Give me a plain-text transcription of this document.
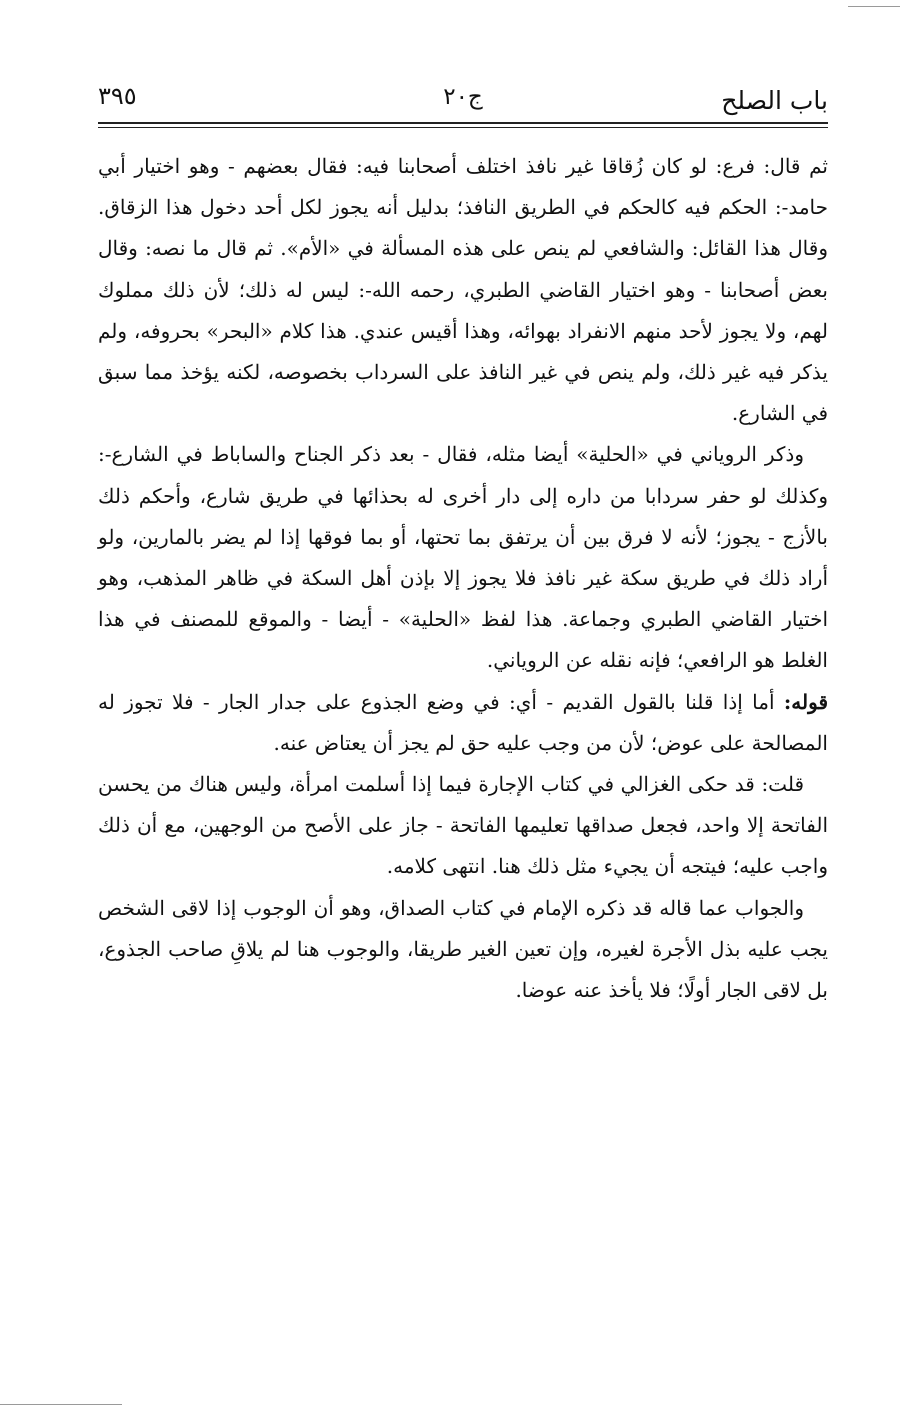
باب الصلح
ج٢٠
٣٩٥

ثم قال: فرع: لو كان زُقاقا غير نافذ اختلف أصحابنا فيه: فقال بعضهم - وهو اختيار أبي حامد-: الحكم فيه كالحكم في الطريق النافذ؛ بدليل أنه يجوز لكل أحد دخول هذا الزقاق. وقال هذا القائل: والشافعي لم ينص على هذه المسألة في «الأم». ثم قال ما نصه: وقال بعض أصحابنا - وهو اختيار القاضي الطبري، رحمه الله-: ليس له ذلك؛ لأن ذلك مملوك لهم، ولا يجوز لأحد منهم الانفراد بهوائه، وهذا أقيس عندي. هذا كلام «البحر» بحروفه، ولم يذكر فيه غير ذلك، ولم ينص في غير النافذ على السرداب بخصوصه، لكنه يؤخذ مما سبق في الشارع.

وذكر الروياني في «الحلية» أيضا مثله، فقال - بعد ذكر الجناح والساباط في الشارع-: وكذلك لو حفر سردابا من داره إلى دار أخرى له بحذائها في طريق شارع، وأحكم ذلك بالأزج - يجوز؛ لأنه لا فرق بين أن يرتفق بما تحتها، أو بما فوقها إذا لم يضر بالمارين، ولو أراد ذلك في طريق سكة غير نافذ فلا يجوز إلا بإذن أهل السكة في ظاهر المذهب، وهو اختيار القاضي الطبري وجماعة. هذا لفظ «الحلية» - أيضا - والموقع للمصنف في هذا الغلط هو الرافعي؛ فإنه نقله عن الروياني.

قوله: أما إذا قلنا بالقول القديم - أي: في وضع الجذوع على جدار الجار - فلا تجوز له المصالحة على عوض؛ لأن من وجب عليه حق لم يجز أن يعتاض عنه.

قلت: قد حكى الغزالي في كتاب الإجارة فيما إذا أسلمت امرأة، وليس هناك من يحسن الفاتحة إلا واحد، فجعل صداقها تعليمها الفاتحة - جاز على الأصح من الوجهين، مع أن ذلك واجب عليه؛ فيتجه أن يجيء مثل ذلك هنا. انتهى كلامه.

والجواب عما قاله قد ذكره الإمام في كتاب الصداق، وهو أن الوجوب إذا لاقى الشخص يجب عليه بذل الأجرة لغيره، وإن تعين الغير طريقا، والوجوب هنا لم يلاقِ صاحب الجذوع، بل لاقى الجار أولًا؛ فلا يأخذ عنه عوضا.
